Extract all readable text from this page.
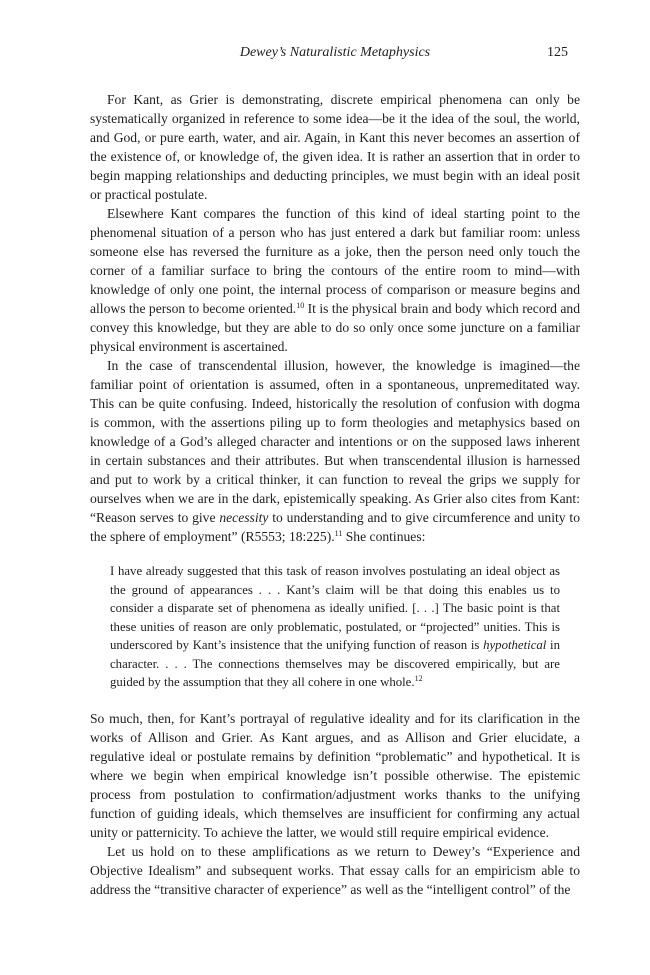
Dewey’s Naturalistic Metaphysics	125

For Kant, as Grier is demonstrating, discrete empirical phenomena can only be systematically organized in reference to some idea—be it the idea of the soul, the world, and God, or pure earth, water, and air. Again, in Kant this never becomes an assertion of the existence of, or knowledge of, the given idea. It is rather an assertion that in order to begin mapping relationships and deducting principles, we must begin with an ideal posit or practical postulate.

Elsewhere Kant compares the function of this kind of ideal starting point to the phenomenal situation of a person who has just entered a dark but familiar room: unless someone else has reversed the furniture as a joke, then the person need only touch the corner of a familiar surface to bring the contours of the entire room to mind—with knowledge of only one point, the internal process of comparison or measure begins and allows the person to become oriented.$^{10}$ It is the physical brain and body which record and convey this knowledge, but they are able to do so only once some juncture on a familiar physical environment is ascertained.

In the case of transcendental illusion, however, the knowledge is imagined—the familiar point of orientation is assumed, often in a spontaneous, unpremeditated way. This can be quite confusing. Indeed, historically the resolution of confusion with dogma is common, with the assertions piling up to form theologies and metaphysics based on knowledge of a God’s alleged character and intentions or on the supposed laws inherent in certain substances and their attributes. But when transcendental illusion is harnessed and put to work by a critical thinker, it can function to reveal the grips we supply for ourselves when we are in the dark, epistemically speaking. As Grier also cites from Kant: “Reason serves to give necessity to understanding and to give circumference and unity to the sphere of employment” (R5553; 18:225).$^{11}$ She continues:

I have already suggested that this task of reason involves postulating an ideal object as the ground of appearances . . . Kant’s claim will be that doing this enables us to consider a disparate set of phenomena as ideally unified. [. . .] The basic point is that these unities of reason are only problematic, postulated, or “projected” unities. This is underscored by Kant’s insistence that the unifying function of reason is hypothetical in character. . . . The connections themselves may be discovered empirically, but are guided by the assumption that they all cohere in one whole.$^{12}$

So much, then, for Kant’s portrayal of regulative ideality and for its clarification in the works of Allison and Grier. As Kant argues, and as Allison and Grier elucidate, a regulative ideal or postulate remains by definition “problematic” and hypothetical. It is where we begin when empirical knowledge isn’t possible otherwise. The epistemic process from postulation to confirmation/adjustment works thanks to the unifying function of guiding ideals, which themselves are insufficient for confirming any actual unity or patternicity. To achieve the latter, we would still require empirical evidence.

Let us hold on to these amplifications as we return to Dewey’s “Experience and Objective Idealism” and subsequent works. That essay calls for an empiricism able to address the “transitive character of experience” as well as the “intelligent control” of the
